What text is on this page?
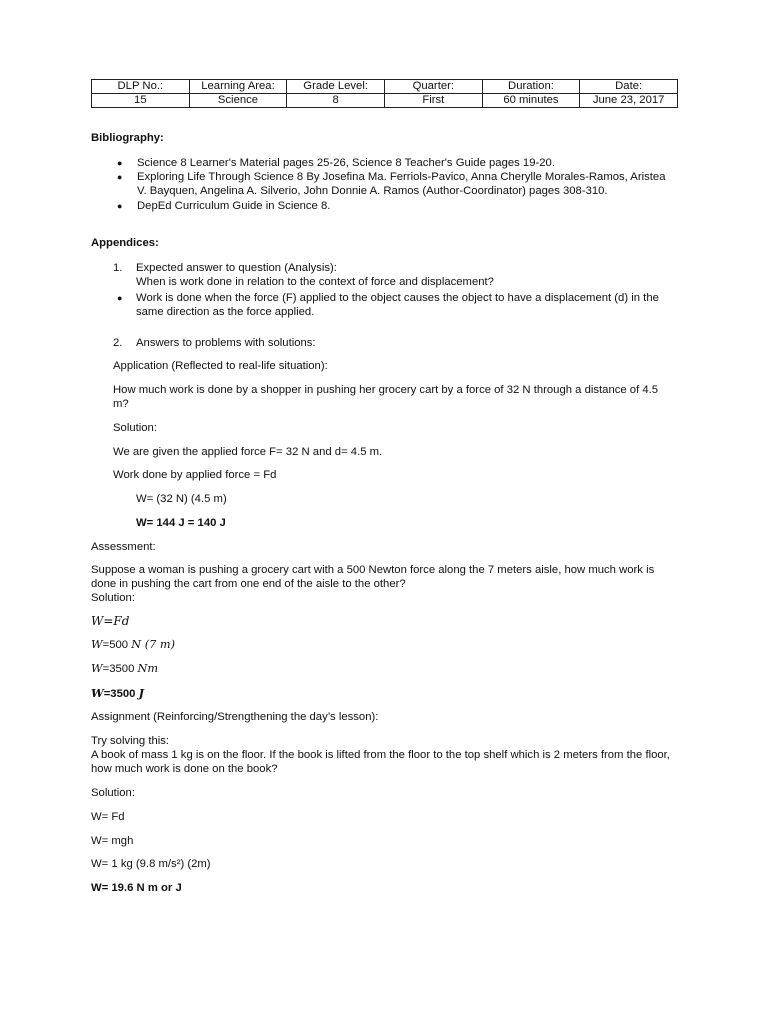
DLP No.:	Learning Area:	Grade Level:	Quarter:	Duration:	Date:
15	Science	8	First	60 minutes	June 23, 2017
Bibliography:
● Science 8 Learner's Material pages 25-26, Science 8 Teacher's Guide pages 19-20.
● Exploring Life Through Science 8 By Josefina Ma. Ferriols-Pavico, Anna Cherylle Morales-Ramos, Aristea
V. Bayquen, Angelina A. Silverio, John Donnie A. Ramos (Author-Coordinator) pages 308-310.
● DepEd Curriculum Guide in Science 8.
Appendices:
1. Expected answer to question (Analysis):
When is work done in relation to the context of force and displacement?
● Work is done when the force (F) applied to the object causes the object to have a displacement (d) in the
same direction as the force applied.
2. Answers to problems with solutions:
Application (Reflected to real-life situation):
How much work is done by a shopper in pushing her grocery cart by a force of 32 N through a distance of 4.5
m?
Solution:
We are given the applied force F= 32 N and d= 4.5 m.
Work done by applied force = Fd
W= (32 N) (4.5 m)
W= 144 J = 140 J
Assessment:
Suppose a woman is pushing a grocery cart with a 500 Newton force along the 7 meters aisle, how much work is
done in pushing the cart from one end of the aisle to the other?
Solution:
W=Fd
W=500 N (7 m)
W=3500 Nm
W=3500 J
Assignment (Reinforcing/Strengthening the day’s lesson):
Try solving this:
A book of mass 1 kg is on the floor. If the book is lifted from the floor to the top shelf which is 2 meters from the floor,
how much work is done on the book?
Solution:
W= Fd
W= mgh
W= 1 kg (9.8 m/s²) (2m)
W= 19.6 N m or J
